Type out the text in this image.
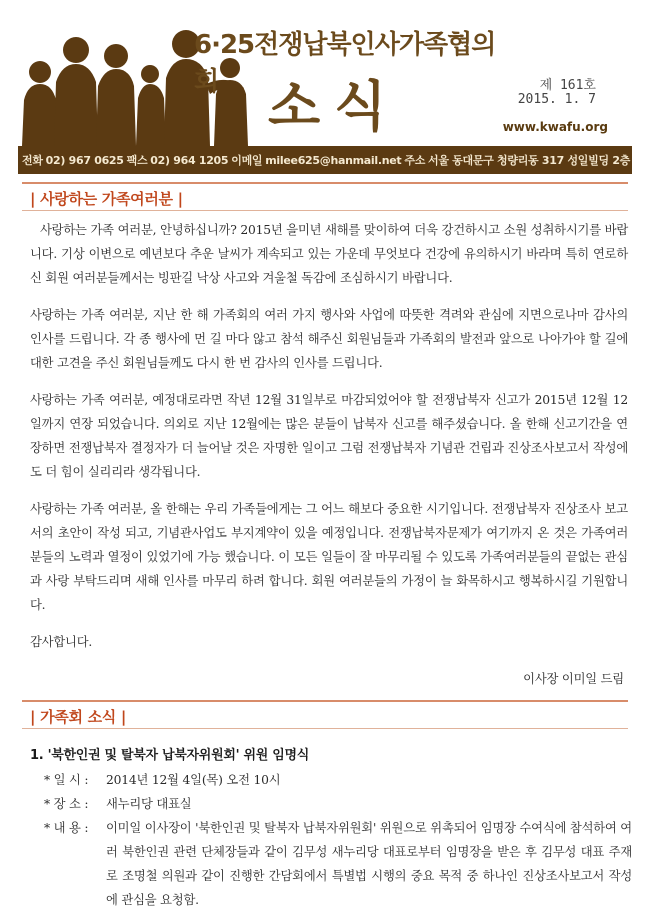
6·25전쟁납북인사가족협의회 소식	제 161호
2015. 1. 7
www.kwafu.org
전화 02) 967 0625 팩스 02) 964 1205 이메일 milee625@hanmail.net 주소 서울 동대문구 청량리동 317 성일빌딩 2층
| 사랑하는 가족여러분 |

사랑하는 가족 여러분, 안녕하십니까? 2015년 을미년 새해를 맞이하여 더욱 강건하시고 소원 성취하시기를 바랍니다. 기상 이변으로 예년보다 추운 날씨가 계속되고 있는 가운데 무엇보다 건강에 유의하시기 바라며 특히 연로하신 회원 여러분들께서는 빙판길 낙상 사고와 겨울철 독감에 조심하시기 바랍니다.

사랑하는 가족 여러분, 지난 한 해 가족회의 여러 가지 행사와 사업에 따뜻한 격려와 관심에 지면으로나마 감사의 인사를 드립니다. 각 종 행사에 먼 길 마다 않고 참석 해주신 회원님들과 가족회의 발전과 앞으로 나아가야 할 길에 대한 고견을 주신 회원님들께도 다시 한 번 감사의 인사를 드립니다.

사랑하는 가족 여러분, 예정대로라면 작년 12월 31일부로 마감되었어야 할 전쟁납북자 신고가 2015년 12월 12일까지 연장 되었습니다. 의외로 지난 12월에는 많은 분들이 납북자 신고를 해주셨습니다. 올 한해 신고기간을 연장하면 전쟁납북자 결정자가 더 늘어날 것은 자명한 일이고 그럼 전쟁납북자 기념관 건립과 진상조사보고서 작성에도 더 힘이 실리리라 생각됩니다.

사랑하는 가족 여러분, 올 한해는 우리 가족들에게는 그 어느 해보다 중요한 시기입니다. 전쟁납북자 진상조사 보고서의 초안이 작성 되고, 기념관사업도 부지계약이 있을 예정입니다. 전쟁납북자문제가 여기까지 온 것은 가족여러분들의 노력과 열정이 있었기에 가능 했습니다. 이 모든 일들이 잘 마무리될 수 있도록 가족여러분들의 끝없는 관심과 사랑 부탁드리며 새해 인사를 마무리 하려 합니다. 회원 여러분들의 가정이 늘 화목하시고 행복하시길 기원합니다.

감사합니다.

이사장 이미일 드림
| 가족회 소식 |
1. '북한인권 및 탈북자 납북자위원회' 위원 임명식
* 일 시 :	2014년 12월 4일(목) 오전 10시
* 장 소 :	새누리당 대표실
* 내 용 :	이미일 이사장이 '북한인권 및 탈북자 납북자위원회' 위원으로 위촉되어 임명장 수여식에 참석하여 여러 북한인권 관련 단체장들과 같이 김무성 새누리당 대표로부터 임명장을 받은 후 김무성 대표 주재로 조명철 의원과 같이 진행한 간담회에서 특별법 시행의 중요 목적 중 하나인 진상조사보고서 작성에 관심을 요청함.
